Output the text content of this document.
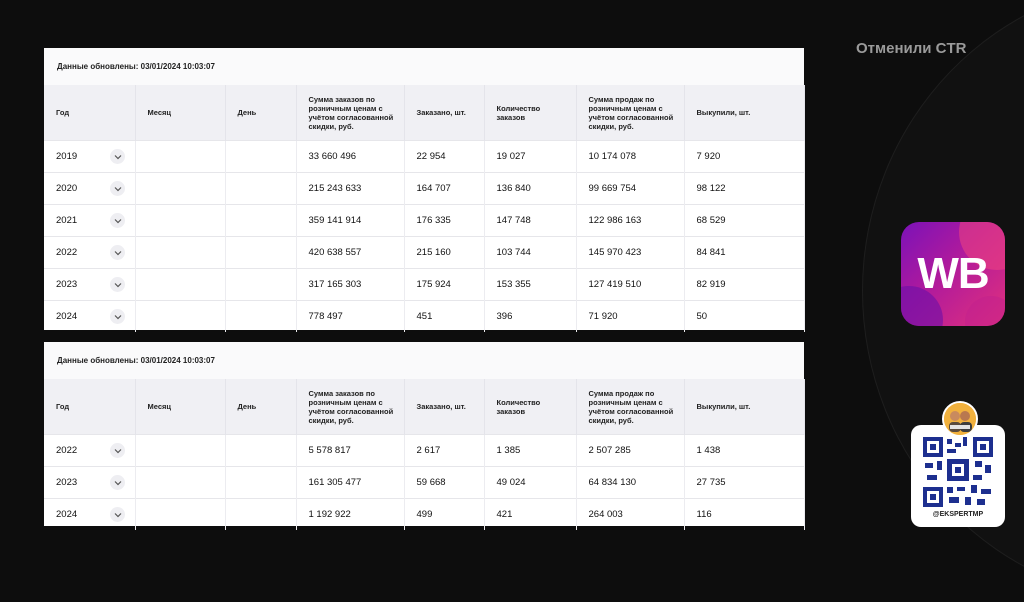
Данные обновлены: 03/01/2024 10:03:07
Год	Месяц	День	Сумма заказов по розничным ценам с учётом согласованной скидки, руб.	Заказано, шт.	Количество заказов	Сумма продаж по розничным ценам с учётом согласованной скидки, руб.	Выкупили, шт.
2019			33 660 496	22 954	19 027	10 174 078	7 920
2020			215 243 633	164 707	136 840	99 669 754	98 122
2021			359 141 914	176 335	147 748	122 986 163	68 529
2022			420 638 557	215 160	103 744	145 970 423	84 841
2023			317 165 303	175 924	153 355	127 419 510	82 919
2024			778 497	451	396	71 920	50
Данные обновлены: 03/01/2024 10:03:07
Год	Месяц	День	Сумма заказов по розничным ценам с учётом согласованной скидки, руб.	Заказано, шт.	Количество заказов	Сумма продаж по розничным ценам с учётом согласованной скидки, руб.	Выкупили, шт.
2022			5 578 817	2 617	1 385	2 507 285	1 438
2023			161 305 477	59 668	49 024	64 834 130	27 735
2024			1 192 922	499	421	264 003	116
Отменили CTR
WB
@EKSPERTMP
